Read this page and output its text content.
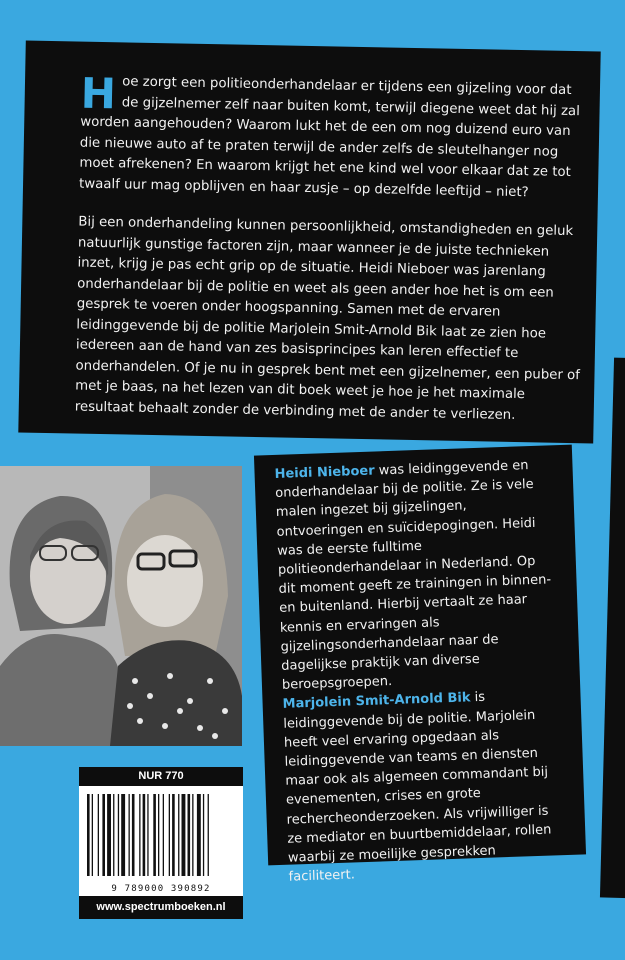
Hoe zorgt een politieonderhandelaar er tijdens een gijzeling voor dat de gijzelnemer zelf naar buiten komt, terwijl diegene weet dat hij zal worden aangehouden? Waarom lukt het de een om nog duizend euro van die nieuwe auto af te praten terwijl de ander zelfs de sleutelhanger nog moet afrekenen? En waarom krijgt het ene kind wel voor elkaar dat ze tot twaalf uur mag opblijven en haar zusje – op dezelfde leeftijd – niet?

Bij een onderhandeling kunnen persoonlijkheid, omstandigheden en geluk natuurlijk gunstige factoren zijn, maar wanneer je de juiste technieken inzet, krijg je pas echt grip op de situatie. Heidi Nieboer was jarenlang onderhandelaar bij de politie en weet als geen ander hoe het is om een gesprek te voeren onder hoogspanning. Samen met de ervaren leidinggevende bij de politie Marjolein Smit-Arnold Bik laat ze zien hoe iedereen aan de hand van zes basisprincipes kan leren effectief te onderhandelen. Of je nu in gesprek bent met een gijzelnemer, een puber of met je baas, na het lezen van dit boek weet je hoe je het maximale resultaat behaalt zonder de verbinding met de ander te verliezen.

Heidi Nieboer was leidinggevende en onderhandelaar bij de politie. Ze is vele malen ingezet bij gijzelingen, ontvoeringen en suïcidepogingen. Heidi was de eerste fulltime politieonderhandelaar in Nederland. Op dit moment geeft ze trainingen in binnen- en buitenland. Hierbij vertaalt ze haar kennis en ervaringen als gijzelingsonderhandelaar naar de dagelijkse praktijk van diverse beroepsgroepen.

Marjolein Smit-Arnold Bik is leidinggevende bij de politie. Marjolein heeft veel ervaring opgedaan als leidinggevende van teams en diensten maar ook als algemeen commandant bij evenementen, crises en grote rechercheonderzoeken. Als vrijwilliger is ze mediator en buurtbemiddelaar, rollen waarbij ze moeilijke gesprekken faciliteert.

NUR 770
9 789000 390892
www.spectrumboeken.nl
